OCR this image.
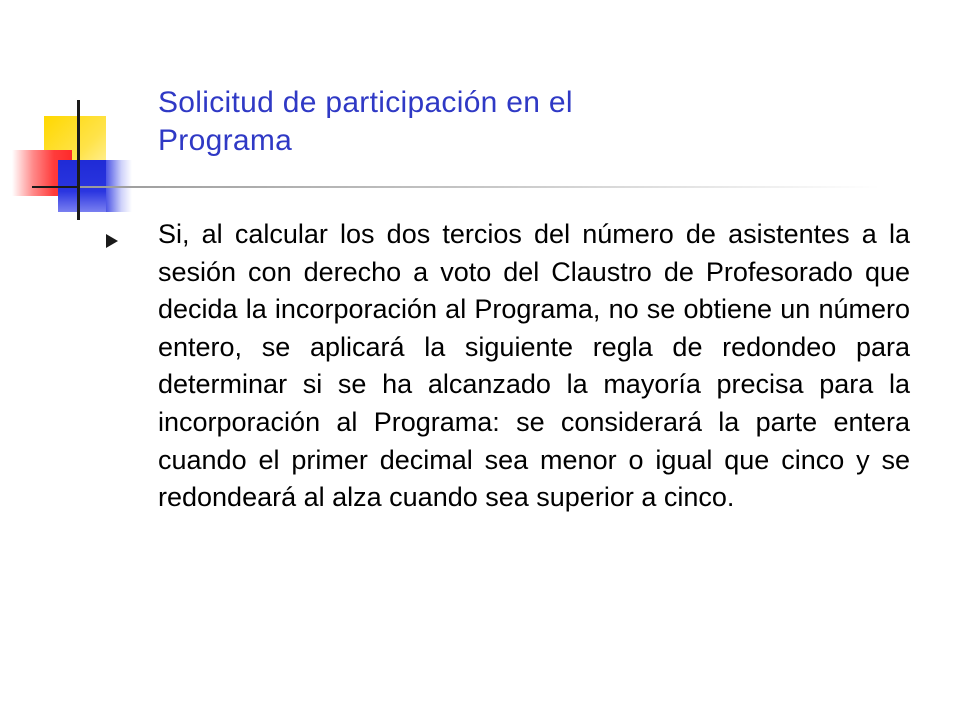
Solicitud de participación en el
Programa

Si, al calcular los dos tercios del número de asistentes a la sesión con derecho a voto del Claustro de Profesorado que decida la incorporación al Programa, no se obtiene un número entero, se aplicará la siguiente regla de redondeo para determinar si se ha alcanzado la mayoría precisa para la incorporación al Programa: se considerará la parte entera cuando el primer decimal sea menor o igual que cinco y se redondeará al alza cuando sea superior a cinco.
